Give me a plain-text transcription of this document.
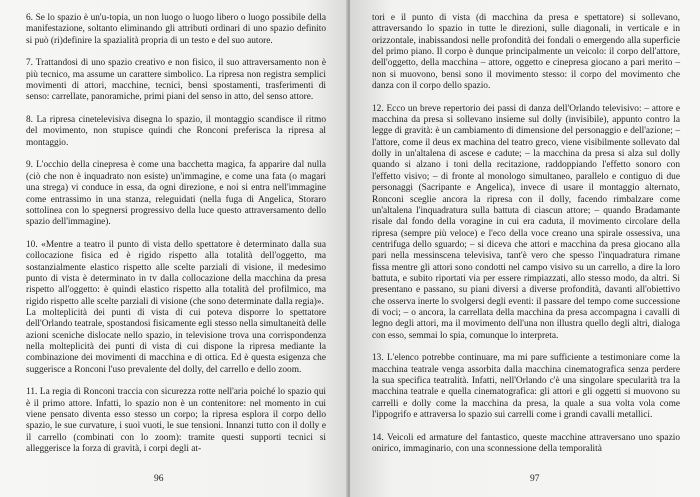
6. Se lo spazio è un'u-topia, un non luogo o luogo libero o luogo possibile della manifestazione, soltanto eliminando gli attributi ordinari di uno spazio definito si può (ri)definire la spazialità propria di un testo e del suo autore.

7. Trattandosi di uno spazio creativo e non fisico, il suo attraversamento non è più tecnico, ma assume un carattere simbolico. La ripresa non registra semplici movimenti di attori, macchine, tecnici, bensì spostamenti, trasferimenti di senso: carrellate, panoramiche, primi piani del senso in atto, del senso attore.

8. La ripresa cinetelevisiva disegna lo spazio, il montaggio scandisce il ritmo del movimento, non stupisce quindi che Ronconi preferisca la ripresa al montaggio.

9. L'occhio della cinepresa è come una bacchetta magica, fa apparire dal nulla (ciò che non è inquadrato non esiste) un'immagine, e come una fata (o magari una strega) vi conduce in essa, da ogni direzione, e noi si entra nell'immagine come entrassimo in una stanza, releguidati (nella fuga di Angelica, Storaro sottolinea con lo spegnersi progressivo della luce questo attraversamento dello spazio dell'immagine).

10. «Mentre a teatro il punto di vista dello spettatore è determinato dalla sua collocazione fisica ed è rigido rispetto alla totalità dell'oggetto, ma sostanzialmente elastico rispetto alle scelte parziali di visione, il medesimo punto di vista è determinato in tv dalla collocazione della macchina da presa rispetto all'oggetto: è quindi elastico rispetto alla totalità del profilmico, ma rigido rispetto alle scelte parziali di visione (che sono determinate dalla regia)».

La molteplicità dei punti di vista di cui poteva disporre lo spettatore dell'Orlando teatrale, spostandosi fisicamente egli stesso nella simultaneità delle azioni sceniche dislocate nello spazio, in televisione trova una corrispondenza nella molteplicità dei punti di vista di cui dispone la ripresa mediante la combinazione dei movimenti di macchina e di ottica. Ed è questa esigenza che suggerisce a Ronconi l'uso prevalente del dolly, del carrello e dello zoom.

11. La regia di Ronconi traccia con sicurezza rotte nell'aria poiché lo spazio qui è il primo attore. Infatti, lo spazio non è un contenitore: nel momento in cui viene pensato diventa esso stesso un corpo; la ripresa esplora il corpo dello spazio, le sue curvature, i suoi vuoti, le sue tensioni. Innanzi tutto con il dolly e il carrello (combinati con lo zoom): tramite questi supporti tecnici si alleggerisce la forza di gravità, i corpi degli at-

96

tori e il punto di vista (di macchina da presa e spettatore) si sollevano, attraversando lo spazio in tutte le direzioni, sulle diagonali, in verticale e in orizzontale, inabissandosi nelle profondità dei fondali o emergendo alla superficie del primo piano. Il corpo è dunque principalmente un veicolo: il corpo dell'attore, dell'oggetto, della macchina – attore, oggetto e cinepresa giocano a pari merito – non si muovono, bensì sono il movimento stesso: il corpo del movimento che danza con il corpo dello spazio.

12. Ecco un breve repertorio dei passi di danza dell'Orlando televisivo: – attore e macchina da presa si sollevano insieme sul dolly (invisibile), appunto contro la legge di gravità: è un cambiamento di dimensione del personaggio e dell'azione; – l'attore, come il deus ex machina del teatro greco, viene visibilmente sollevato dal dolly in un'altalena di ascese e cadute; – la macchina da presa si alza sul dolly quando si alzano i toni della recitazione, raddoppiando l'effetto sonoro con l'effetto visivo; – di fronte al monologo simultaneo, parallelo e contiguo di due personaggi (Sacripante e Angelica), invece di usare il montaggio alternato, Ronconi sceglie ancora la ripresa con il dolly, facendo rimbalzare come un'altalena l'inquadratura sulla battuta di ciascun attore; – quando Bradamante risale dal fondo della voragine in cui era caduta, il movimento circolare della ripresa (sempre più veloce) e l'eco della voce creano una spirale ossessiva, una centrifuga dello sguardo; – si diceva che attori e macchina da presa giocano alla pari nella messinscena televisiva, tant'è vero che spesso l'inquadratura rimane fissa mentre gli attori sono condotti nel campo visivo su un carrello, a dire la loro battuta, e subito riportati via per essere rimpiazzati, allo stesso modo, da altri. Si presentano e passano, su piani diversi a diverse profondità, davanti all'obiettivo che osserva inerte lo svolgersi degli eventi: il passare del tempo come successione di voci; – o ancora, la carrellata della macchina da presa accompagna i cavalli di legno degli attori, ma il movimento dell'una non illustra quello degli altri, dialoga con esso, semmai lo spia, comunque lo interpreta.

13. L'elenco potrebbe continuare, ma mi pare sufficiente a testimoniare come la macchina teatrale venga assorbita dalla macchina cinematografica senza perdere la sua specifica teatralità. Infatti, nell'Orlando c'è una singolare specularità tra la macchina teatrale e quella cinematografica: gli attori e gli oggetti si muovono su carrelli e dolly come la macchina da presa, la quale a sua volta vola come l'ippogrifo e attraversa lo spazio sui carrelli come i grandi cavalli metallici.

14. Veicoli ed armature del fantastico, queste macchine attraversano uno spazio onirico, immaginario, con una sconnessione della temporalità

97
